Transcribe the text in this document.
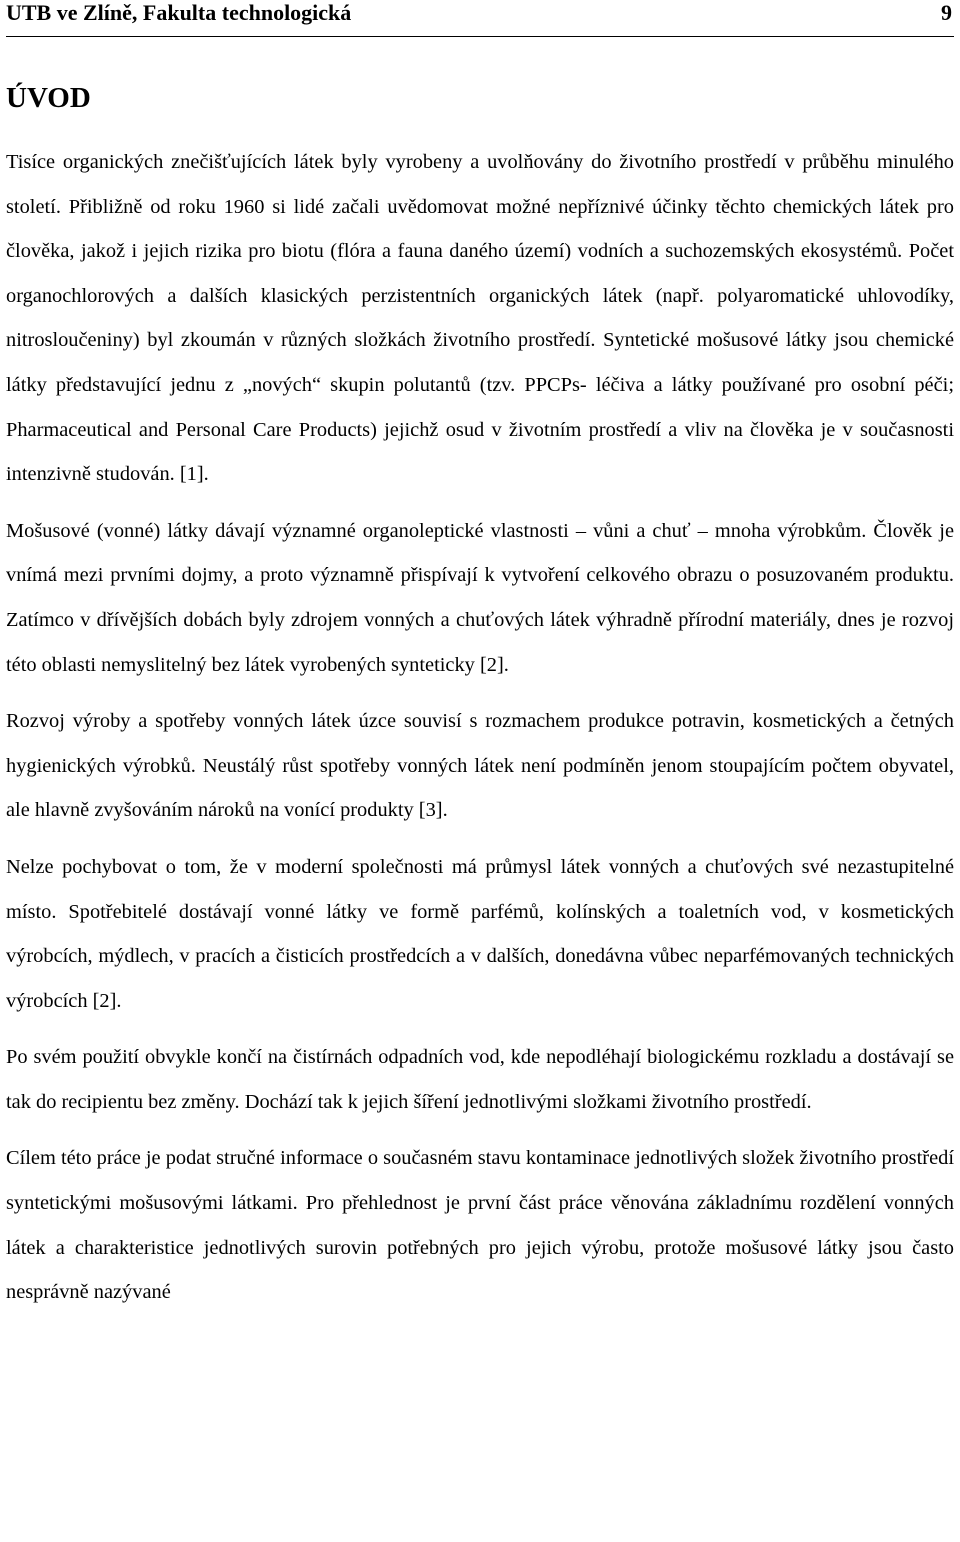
UTB ve Zlíně, Fakulta technologická	9
ÚVOD

Tisíce organických znečišťujících látek byly vyrobeny a uvolňovány do životního prostředí v průběhu minulého století. Přibližně od roku 1960 si lidé začali uvědomovat možné nepříznivé účinky těchto chemických látek pro člověka, jakož i jejich rizika pro biotu (flóra a fauna daného území) vodních a suchozemských ekosystémů. Počet organochlorových a dalších klasických perzistentních organických látek (např. polyaromatické uhlovodíky, nitrosloučeniny) byl zkoumán v různých složkách životního prostředí. Syntetické mošusové látky jsou chemické látky představující jednu z „nových“ skupin polutantů (tzv. PPCPs- léčiva a látky používané pro osobní péči; Pharmaceutical and Personal Care Products) jejichž osud v životním prostředí a vliv na člověka je v současnosti intenzivně studován. [1].

Mošusové (vonné) látky dávají významné organoleptické vlastnosti – vůni a chuť – mnoha výrobkům. Člověk je vnímá mezi prvními dojmy, a proto významně přispívají k vytvoření celkového obrazu o posuzovaném produktu. Zatímco v dřívějších dobách byly zdrojem vonných a chuťových látek výhradně přírodní materiály, dnes je rozvoj této oblasti nemyslitelný bez látek vyrobených synteticky [2].

Rozvoj výroby a spotřeby vonných látek úzce souvisí s rozmachem produkce potravin, kosmetických a četných hygienických výrobků. Neustálý růst spotřeby vonných látek není podmíněn jenom stoupajícím počtem obyvatel, ale hlavně zvyšováním nároků na vonící produkty [3].

Nelze pochybovat o tom, že v moderní společnosti má průmysl látek vonných a chuťových své nezastupitelné místo. Spotřebitelé dostávají vonné látky ve formě parfémů, kolínských a toaletních vod, v kosmetických výrobcích, mýdlech, v pracích a čisticích prostředcích a v dalších, donedávna vůbec neparfémovaných technických výrobcích [2].

Po svém použití obvykle končí na čistírnách odpadních vod, kde nepodléhají biologickému rozkladu a dostávají se tak do recipientu bez změny. Dochází tak k jejich šíření jednotlivými složkami životního prostředí.

Cílem této práce je podat stručné informace o současném stavu kontaminace jednotlivých složek životního prostředí syntetickými mošusovými látkami. Pro přehlednost je první část práce věnována základnímu rozdělení vonných látek a charakteristice jednotlivých surovin potřebných pro jejich výrobu, protože mošusové látky jsou často nesprávně nazývané
